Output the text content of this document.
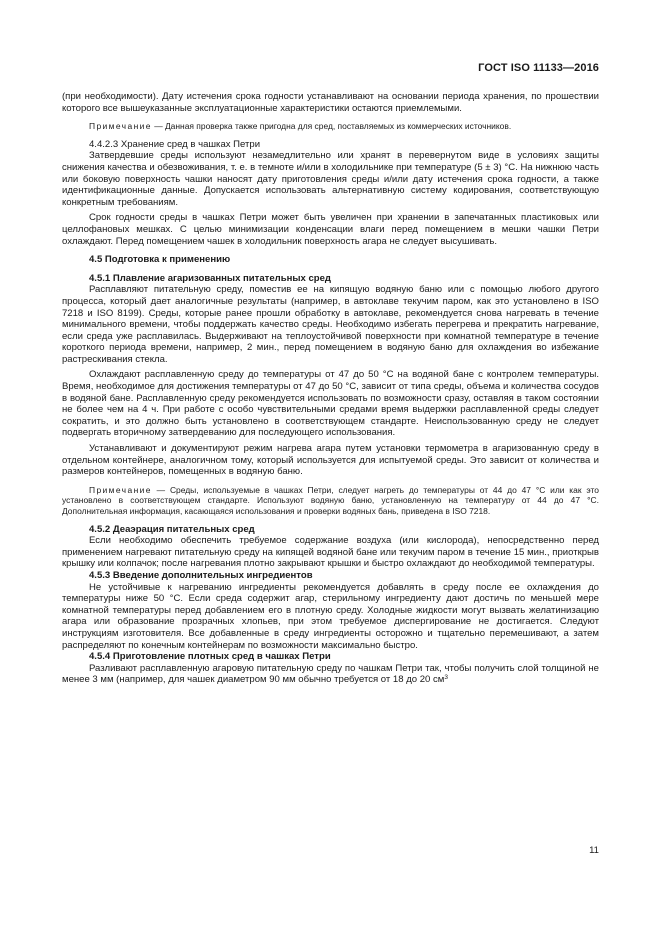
ГОСТ ISO 11133—2016

(при необходимости). Дату истечения срока годности устанавливают на основании периода хранения, по прошествии которого все вышеуказанные эксплуатационные характеристики остаются приемлемыми.

Примечание — Данная проверка также пригодна для сред, поставляемых из коммерческих источников.

4.4.2.3 Хранение сред в чашках Петри

Затвердевшие среды используют незамедлительно или хранят в перевернутом виде в условиях защиты снижения качества и обезвоживания, т. е. в темноте и/или в холодильнике при температуре (5 ± 3) °С. На нижнюю часть или боковую поверхность чашки наносят дату приготовления среды и/или дату истечения срока годности, а также идентификационные данные. Допускается использовать альтернативную систему кодирования, соответствующую конкретным требованиям.

Срок годности среды в чашках Петри может быть увеличен при хранении в запечатанных пластиковых или целлофановых мешках. С целью минимизации конденсации влаги перед помещением в мешки чашки Петри охлаждают. Перед помещением чашек в холодильник поверхность агара не следует высушивать.

4.5 Подготовка к применению

4.5.1 Плавление агаризованных питательных сред

Расплавляют питательную среду, поместив ее на кипящую водяную баню или с помощью любого другого процесса, который дает аналогичные результаты (например, в автоклаве текучим паром, как это установлено в ISO 7218 и ISO 8199). Среды, которые ранее прошли обработку в автоклаве, рекомендуется снова нагревать в течение минимального времени, чтобы поддержать качество среды. Необходимо избегать перегрева и прекратить нагревание, если среда уже расплавилась. Выдерживают на теплоустойчивой поверхности при комнатной температуре в течение короткого периода времени, например, 2 мин., перед помещением в водяную баню для охлаждения во избежание растрескивания стекла.

Охлаждают расплавленную среду до температуры от 47 до 50 °С на водяной бане с контролем температуры. Время, необходимое для достижения температуры от 47 до 50 °С, зависит от типа среды, объема и количества сосудов в водяной бане. Расплавленную среду рекомендуется использовать по возможности сразу, оставляя в таком состоянии не более чем на 4 ч. При работе с особо чувствительными средами время выдержки расплавленной среды следует сократить, и это должно быть установлено в соответствующем стандарте. Неиспользованную среду не следует подвергать вторичному затвердеванию для последующего использования.

Устанавливают и документируют режим нагрева агара путем установки термометра в агаризованную среду в отдельном контейнере, аналогичном тому, который используется для испытуемой среды. Это зависит от количества и размеров контейнеров, помещенных в водяную баню.

Примечание — Среды, используемые в чашках Петри, следует нагреть до температуры от 44 до 47 °С или как это установлено в соответствующем стандарте. Используют водяную баню, установленную на температуру от 44 до 47 °С. Дополнительная информация, касающаяся использования и проверки водяных бань, приведена в ISO 7218.

4.5.2 Деаэрация питательных сред

Если необходимо обеспечить требуемое содержание воздуха (или кислорода), непосредственно перед применением нагревают питательную среду на кипящей водяной бане или текучим паром в течение 15 мин., приоткрыв крышку или колпачок; после нагревания плотно закрывают крышки и быстро охлаждают до необходимой температуры.

4.5.3 Введение дополнительных ингредиентов

Не устойчивые к нагреванию ингредиенты рекомендуется добавлять в среду после ее охлаждения до температуры ниже 50 °С. Если среда содержит агар, стерильному ингредиенту дают достичь по меньшей мере комнатной температуры перед добавлением его в плотную среду. Холодные жидкости могут вызвать желатинизацию агара или образование прозрачных хлопьев, при этом требуемое диспергирование не достигается. Следуют инструкциям изготовителя. Все добавленные в среду ингредиенты осторожно и тщательно перемешивают, а затем распределяют по конечным контейнерам по возможности максимально быстро.

4.5.4 Приготовление плотных сред в чашках Петри

Разливают расплавленную агаровую питательную среду по чашкам Петри так, чтобы получить слой толщиной не менее 3 мм (например, для чашек диаметром 90 мм обычно требуется от 18 до 20 $см^3$

11
